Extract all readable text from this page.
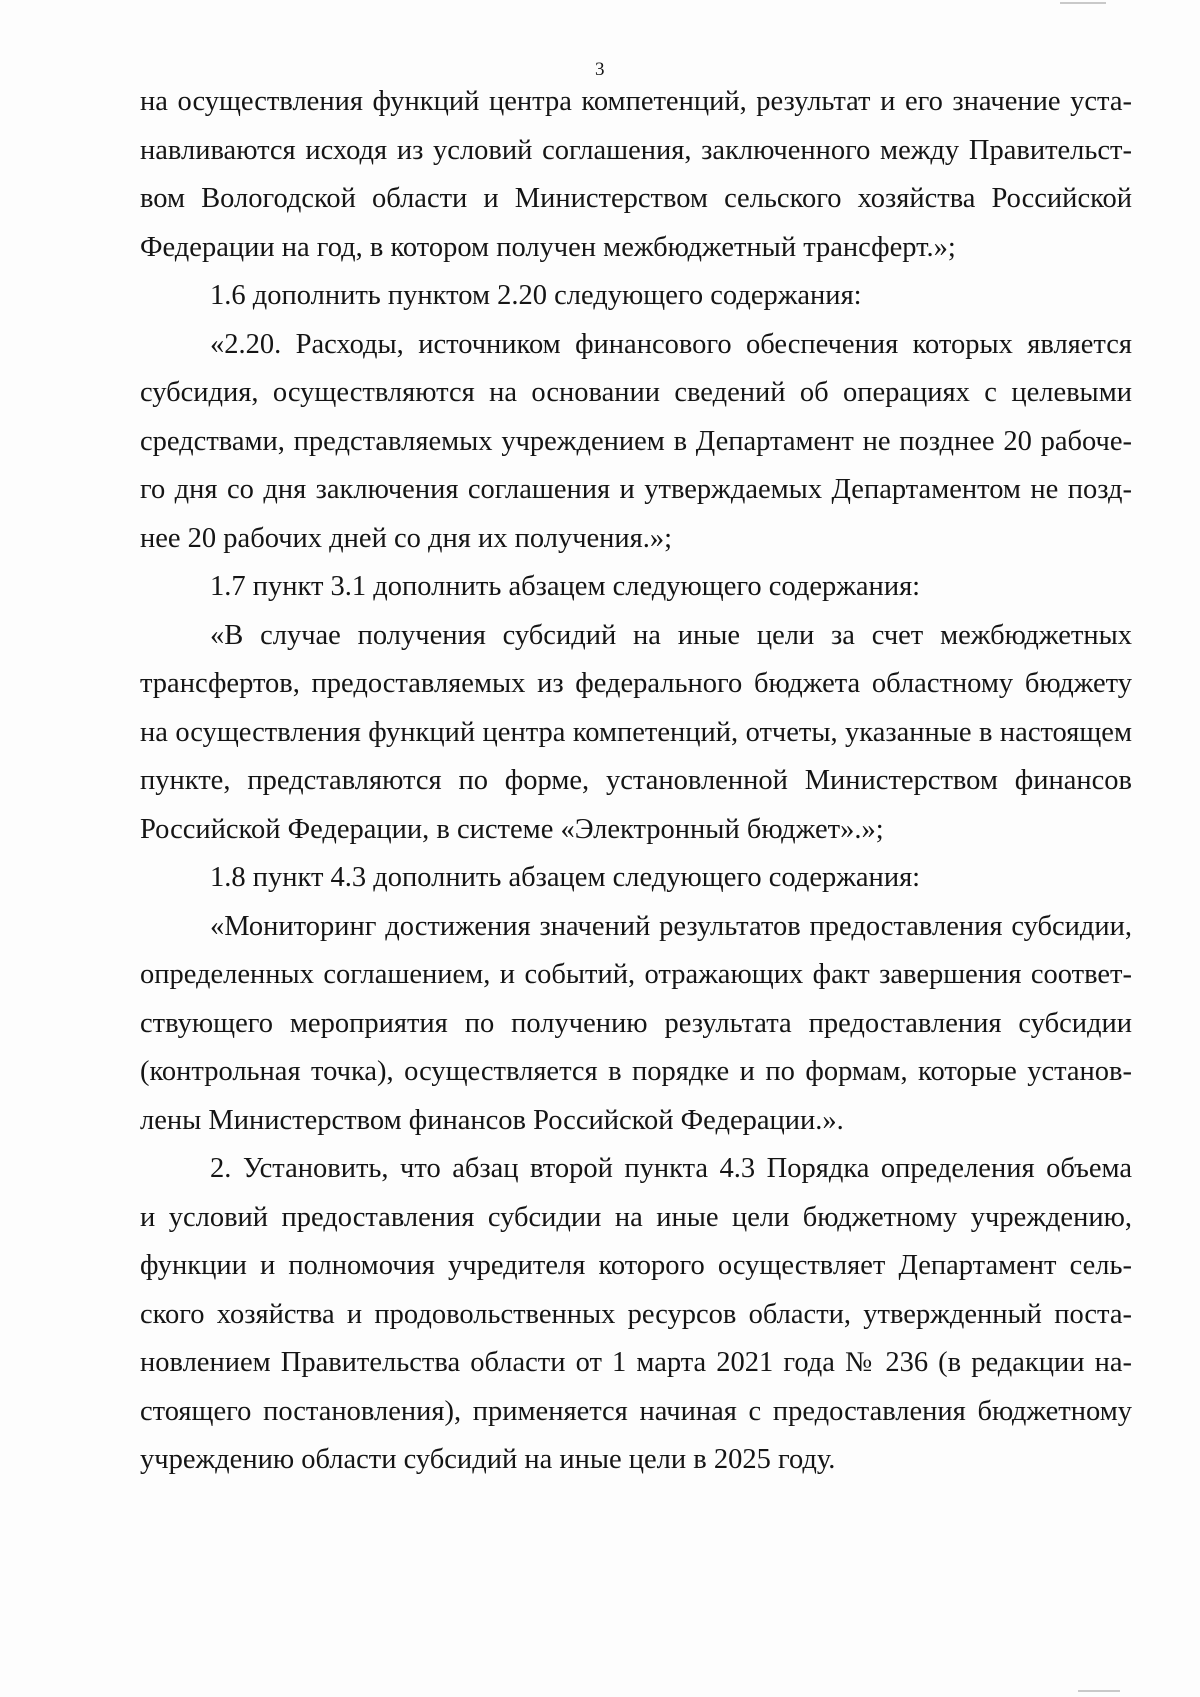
3
на осуществления функций центра компетенций, результат и его значение уста-
навливаются исходя из условий соглашения, заключенного между Правительст-
вом Вологодской области и Министерством сельского хозяйства Российской
Федерации на год, в котором получен межбюджетный трансферт.»;
1.6 дополнить пунктом 2.20 следующего содержания:
«2.20. Расходы, источником финансового обеспечения которых является
субсидия, осуществляются на основании сведений об операциях с целевыми
средствами, представляемых учреждением в Департамент не позднее 20 рабоче-
го дня со дня заключения соглашения и утверждаемых Департаментом не позд-
нее 20 рабочих дней со дня их получения.»;
1.7 пункт 3.1 дополнить абзацем следующего содержания:
«В случае получения субсидий на иные цели за счет межбюджетных
трансфертов, предоставляемых из федерального бюджета областному бюджету
на осуществления функций центра компетенций, отчеты, указанные в настоящем
пункте, представляются по форме, установленной Министерством финансов
Российской Федерации, в системе «Электронный бюджет».»;
1.8 пункт 4.3 дополнить абзацем следующего содержания:
«Мониторинг достижения значений результатов предоставления субсидии,
определенных соглашением, и событий, отражающих факт завершения соответ-
ствующего мероприятия по получению результата предоставления субсидии
(контрольная точка), осуществляется в порядке и по формам, которые установ-
лены Министерством финансов Российской Федерации.».
2. Установить, что абзац второй пункта 4.3 Порядка определения объема
и условий предоставления субсидии на иные цели бюджетному учреждению,
функции и полномочия учредителя которого осуществляет Департамент сель-
ского хозяйства и продовольственных ресурсов области, утвержденный поста-
новлением Правительства области от 1 марта 2021 года № 236 (в редакции на-
стоящего постановления), применяется начиная с предоставления бюджетному
учреждению области субсидий на иные цели в 2025 году.
